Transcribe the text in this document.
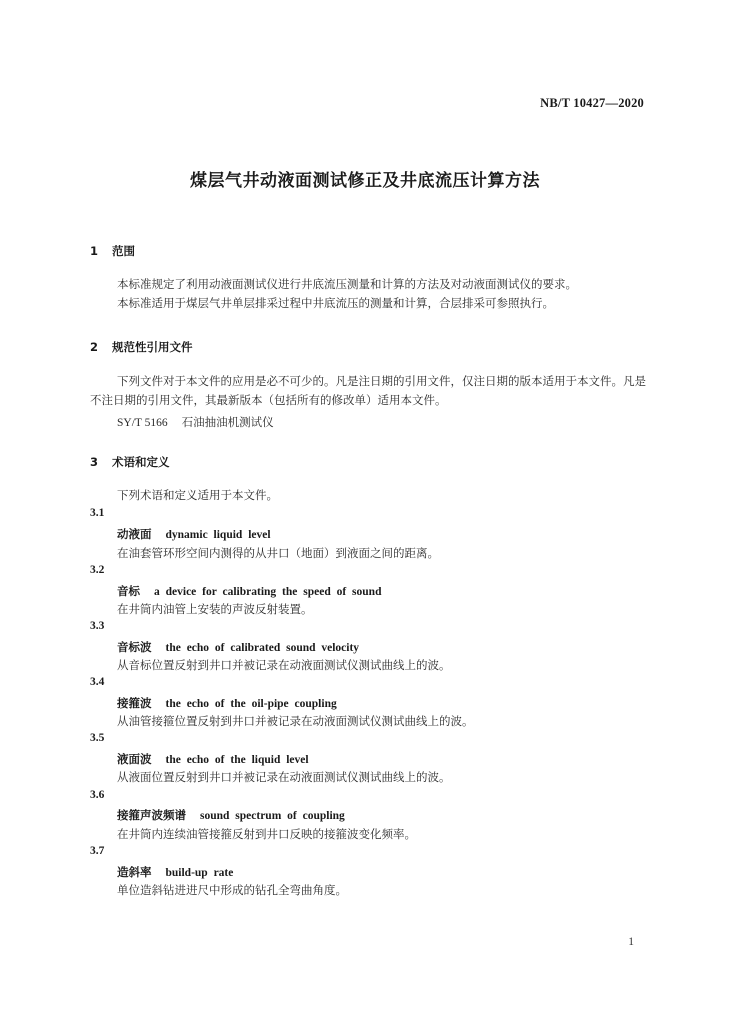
NB/T 10427—2020
煤层气井动液面测试修正及井底流压计算方法
1 范围
本标准规定了利用动液面测试仪进行井底流压测量和计算的方法及对动液面测试仪的要求。
本标准适用于煤层气井单层排采过程中井底流压的测量和计算，合层排采可参照执行。
2 规范性引用文件
下列文件对于本文件的应用是必不可少的。凡是注日期的引用文件，仅注日期的版本适用于本文件。凡是不注日期的引用文件，其最新版本（包括所有的修改单）适用本文件。
SY/T 5166 石油抽油机测试仪
3 术语和定义
下列术语和定义适用于本文件。
3.1
动液面 dynamic liquid level
在油套管环形空间内测得的从井口（地面）到液面之间的距离。
3.2
音标 a device for calibrating the speed of sound
在井筒内油管上安装的声波反射装置。
3.3
音标波 the echo of calibrated sound velocity
从音标位置反射到井口并被记录在动液面测试仪测试曲线上的波。
3.4
接箍波 the echo of the oil-pipe coupling
从油管接箍位置反射到井口并被记录在动液面测试仪测试曲线上的波。
3.5
液面波 the echo of the liquid level
从液面位置反射到井口并被记录在动液面测试仪测试曲线上的波。
3.6
接箍声波频谱 sound spectrum of coupling
在井筒内连续油管接箍反射到井口反映的接箍波变化频率。
3.7
造斜率 build-up rate
单位造斜钻进进尺中形成的钻孔全弯曲角度。
1
